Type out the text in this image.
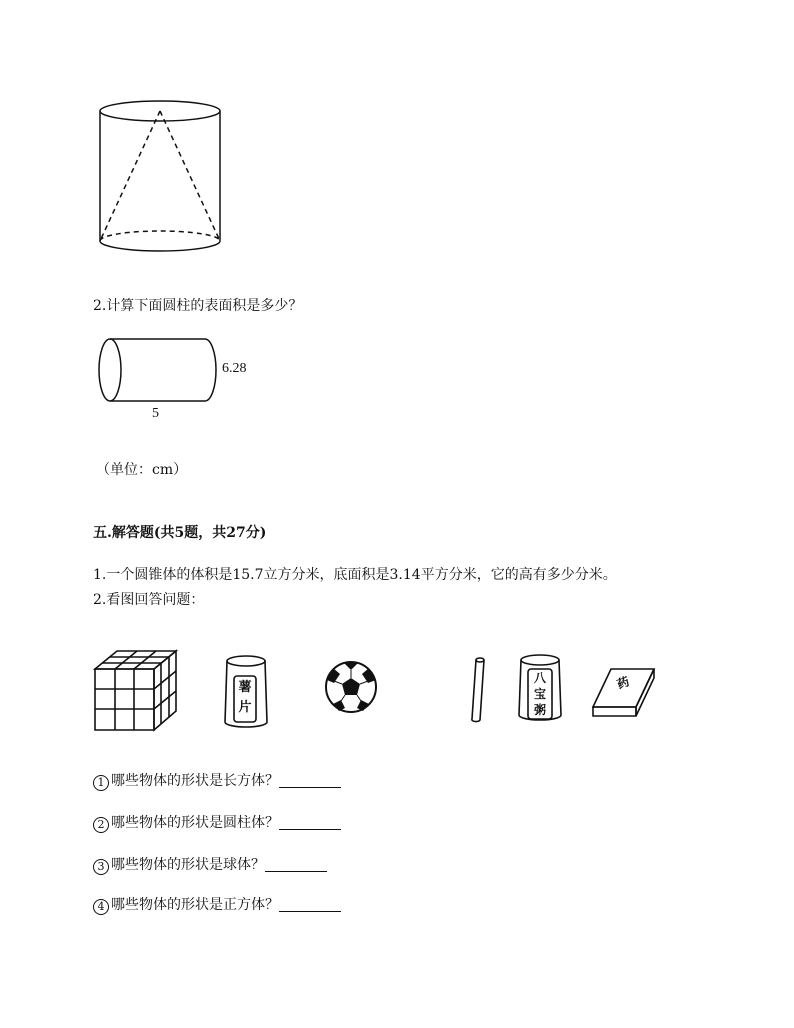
2.计算下面圆柱的表面积是多少？
6.28
5
（单位：cm）
五.解答题(共5题，共27分)
1.一个圆锥体的体积是15.7立方分米，底面积是3.14平方分米，它的高有多少分米。
2.看图回答问题：
薯片
八宝粥
药
1 哪些物体的形状是长方体？
2 哪些物体的形状是圆柱体？
3 哪些物体的形状是球体？
4 哪些物体的形状是正方体？
